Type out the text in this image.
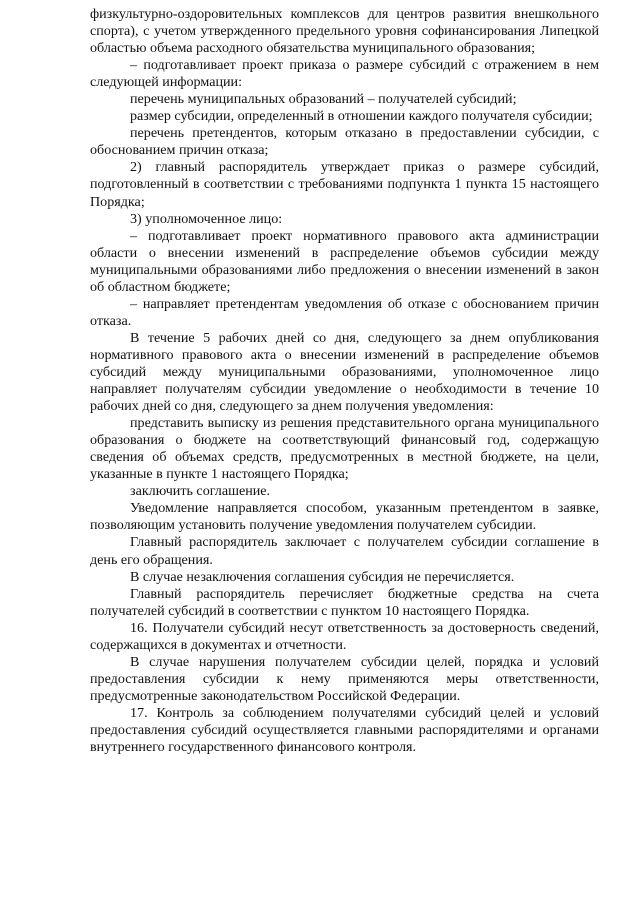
физкультурно-оздоровительных комплексов для центров развития внешкольного спорта), с учетом утвержденного предельного уровня софинансирования Липецкой областью объема расходного обязательства муниципального образования;

– подготавливает проект приказа о размере субсидий с отражением в нем следующей информации:

перечень муниципальных образований – получателей субсидий;

размер субсидии, определенный в отношении каждого получателя субсидии;

перечень претендентов, которым отказано в предоставлении субсидии, с обоснованием причин отказа;

2) главный распорядитель утверждает приказ о размере субсидий, подготовленный в соответствии с требованиями подпункта 1 пункта 15 настоящего Порядка;

3) уполномоченное лицо:

– подготавливает проект нормативного правового акта администрации области о внесении изменений в распределение объемов субсидии между муниципальными образованиями либо предложения о внесении изменений в закон об областном бюджете;

– направляет претендентам уведомления об отказе с обоснованием причин отказа.

В течение 5 рабочих дней со дня, следующего за днем опубликования нормативного правового акта о внесении изменений в распределение объемов субсидий между муниципальными образованиями, уполномоченное лицо направляет получателям субсидии уведомление о необходимости в течение 10 рабочих дней со дня, следующего за днем получения уведомления:

представить выписку из решения представительного органа муниципального образования о бюджете на соответствующий финансовый год, содержащую сведения об объемах средств, предусмотренных в местной бюджете, на цели, указанные в пункте 1 настоящего Порядка;

заключить соглашение.

Уведомление направляется способом, указанным претендентом в заявке, позволяющим установить получение уведомления получателем субсидии.

Главный распорядитель заключает с получателем субсидии соглашение в день его обращения.

В случае незаключения соглашения субсидия не перечисляется.

Главный распорядитель перечисляет бюджетные средства на счета получателей субсидий в соответствии с пунктом 10 настоящего Порядка.

16. Получатели субсидий несут ответственность за достоверность сведений, содержащихся в документах и отчетности.

В случае нарушения получателем субсидии целей, порядка и условий предоставления субсидии к нему применяются меры ответственности, предусмотренные законодательством Российской Федерации.

17. Контроль за соблюдением получателями субсидий целей и условий предоставления субсидий осуществляется главными распорядителями и органами внутреннего государственного финансового контроля.
